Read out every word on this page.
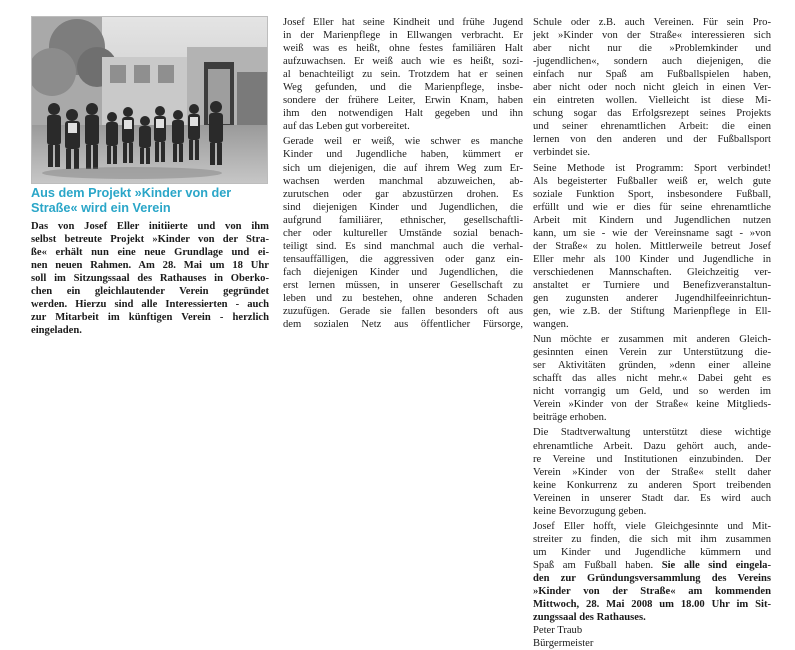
Aus dem Projekt »Kinder von der
Straße« wird ein Verein
Das von Josef Eller initiierte und von ihm
selbst betreute Projekt »Kinder von der Stra-
ße« erhält nun eine neue Grundlage und ei-
nen neuen Rahmen. Am 28. Mai um 18 Uhr
soll im Sitzungssaal des Rathauses in Oberko-
chen ein gleichlautender Verein gegründet
werden. Hierzu sind alle Interessierten - auch
zur Mitarbeit im künftigen Verein - herzlich
eingeladen.
Josef Eller hat seine Kindheit und frühe Jugend
in der Marienpflege in Ellwangen verbracht. Er
weiß was es heißt, ohne festes familiären Halt
aufzuwachsen. Er weiß auch wie es heißt, sozi-
al benachteiligt zu sein. Trotzdem hat er seinen
Weg gefunden, und die Marienpflege, insbe-
sondere der frühere Leiter, Erwin Knam, haben
ihm den notwendigen Halt gegeben und ihn
auf das Leben gut vorbereitet.
Gerade weil er weiß, wie schwer es manche
Kinder und Jugendliche haben, kümmert er
sich um diejenigen, die auf ihrem Weg zum Er-
wachsen werden manchmal abzuweichen, ab-
zurutschen oder gar abzustürzen drohen. Es
sind diejenigen Kinder und Jugendlichen, die
aufgrund familiärer, ethnischer, gesellschaftli-
cher oder kultureller Umstände sozial benach-
teiligt sind. Es sind manchmal auch die verhal-
tensauffälligen, die aggressiven oder ganz ein-
fach diejenigen Kinder und Jugendlichen, die
erst lernen müssen, in unserer Gesellschaft zu
leben und zu bestehen, ohne anderen Schaden
zuzufügen. Gerade sie fallen besonders oft aus
dem sozialen Netz aus öffentlicher Fürsorge,
Schule oder z.B. auch Vereinen. Für sein Pro-
jekt »Kinder von der Straße« interessieren sich
aber nicht nur die »Problemkinder und
-jugendlichen«, sondern auch diejenigen, die
einfach nur Spaß am Fußballspielen haben,
aber nicht oder noch nicht gleich in einen Ver-
ein eintreten wollen. Vielleicht ist diese Mi-
schung sogar das Erfolgsrezept seines Projekts
und seiner ehrenamtlichen Arbeit: die einen
lernen von den anderen und der Fußballsport
verbindet sie.
Seine Methode ist Programm: Sport verbindet!
Als begeisterter Fußballer weiß er, welch gute
soziale Funktion Sport, insbesondere Fußball,
erfüllt und wie er dies für seine ehrenamtliche
Arbeit mit Kindern und Jugendlichen nutzen
kann, um sie - wie der Vereinsname sagt - »von
der Straße« zu holen. Mittlerweile betreut Josef
Eller mehr als 100 Kinder und Jugendliche in
verschiedenen Mannschaften. Gleichzeitig ver-
anstaltet er Turniere und Benefizveranstaltun-
gen zugunsten anderer Jugendhilfeeinrichtun-
gen, wie z.B. der Stiftung Marienpflege in Ell-
wangen.
Nun möchte er zusammen mit anderen Gleich-
gesinnten einen Verein zur Unterstützung die-
ser Aktivitäten gründen, »denn einer alleine
schafft das alles nicht mehr.« Dabei geht es
nicht vorrangig um Geld, und so werden im
Verein »Kinder von der Straße« keine Mitglieds-
beiträge erhoben.
Die Stadtverwaltung unterstützt diese wichtige
ehrenamtliche Arbeit. Dazu gehört auch, ande-
re Vereine und Institutionen einzubinden. Der
Verein »Kinder von der Straße« stellt daher
keine Konkurrenz zu anderen Sport treibenden
Vereinen in unserer Stadt dar. Es wird auch
keine Bevorzugung geben.
Josef Eller hofft, viele Gleichgesinnte und Mit-
streiter zu finden, die sich mit ihm zusammen
um Kinder und Jugendliche kümmern und
Spaß am Fußball haben. Sie alle sind eingela-
den zur Gründungsversammlung des Vereins
»Kinder von der Straße« am kommenden
Mittwoch, 28. Mai 2008 um 18.00 Uhr im Sit-
zungssaal des Rathauses.
Peter Traub
Bürgermeister
